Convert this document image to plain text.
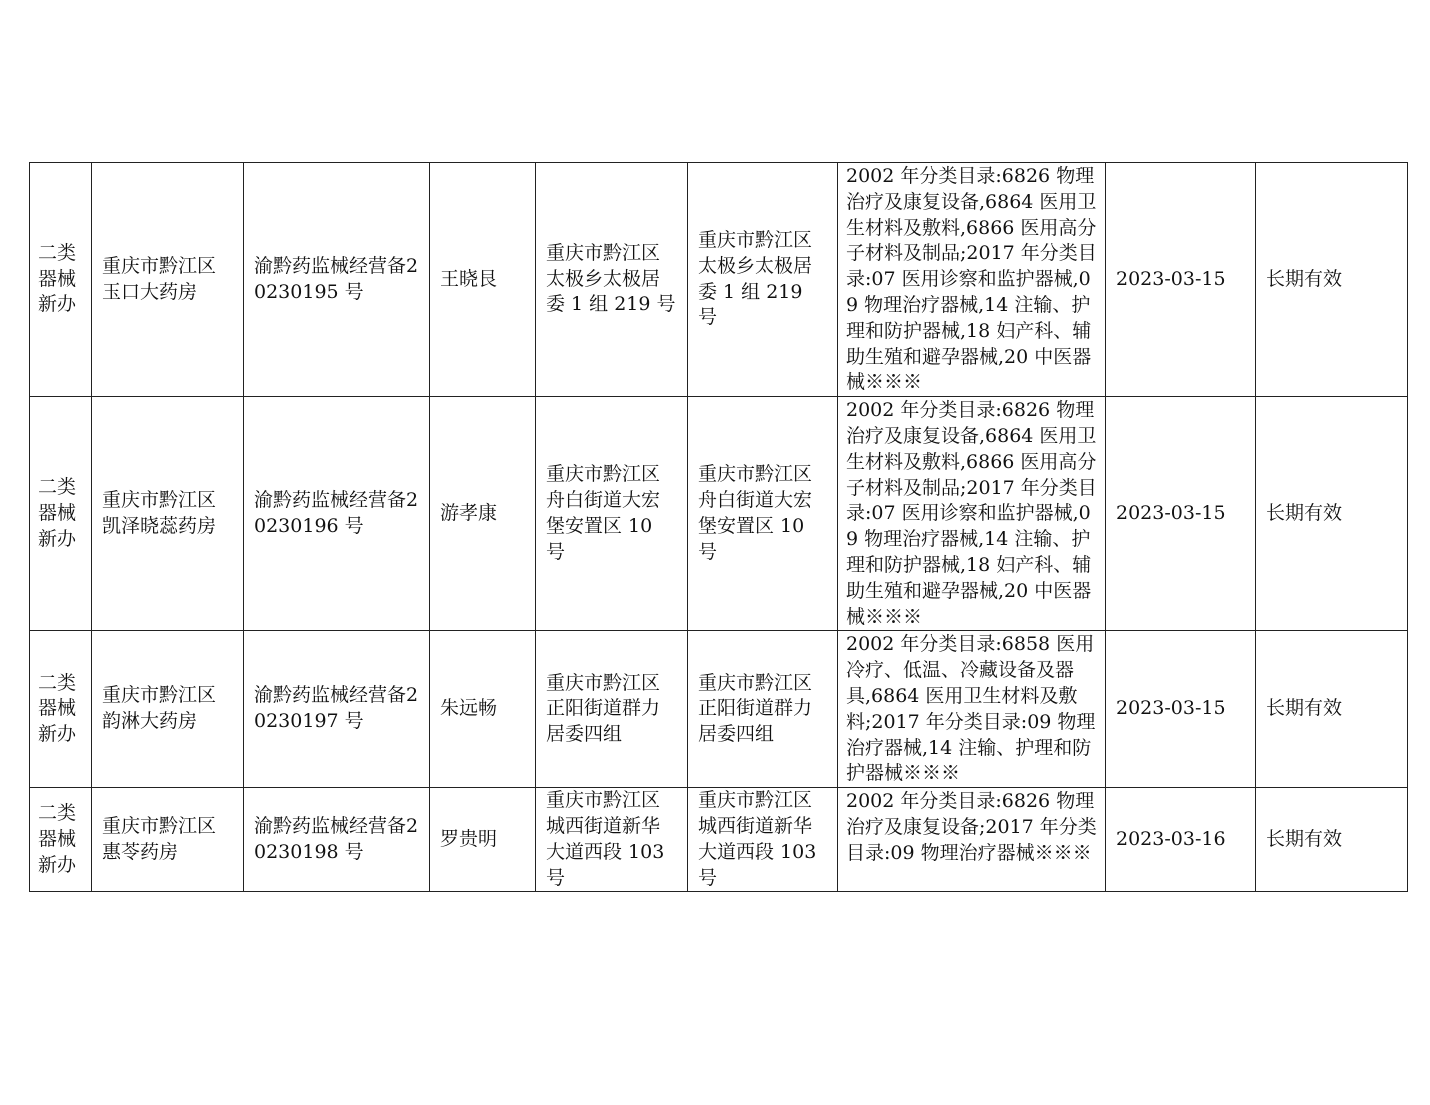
二类器械新办	重庆市黔江区玉口大药房	渝黔药监械经营备20230195 号	王晓艮	重庆市黔江区太极乡太极居委 1 组 219 号	重庆市黔江区太极乡太极居委 1 组 219 号	2002 年分类目录:6826 物理治疗及康复设备,6864 医用卫生材料及敷料,6866 医用高分子材料及制品;2017 年分类目录:07 医用诊察和监护器械,09 物理治疗器械,14 注输、护理和防护器械,18 妇产科、辅助生殖和避孕器械,20 中医器械※※※	2023-03-15	长期有效
二类器械新办	重庆市黔江区凯泽晓蕊药房	渝黔药监械经营备20230196 号	游孝康	重庆市黔江区舟白街道大宏堡安置区 10 号	重庆市黔江区舟白街道大宏堡安置区 10 号	2002 年分类目录:6826 物理治疗及康复设备,6864 医用卫生材料及敷料,6866 医用高分子材料及制品;2017 年分类目录:07 医用诊察和监护器械,09 物理治疗器械,14 注输、护理和防护器械,18 妇产科、辅助生殖和避孕器械,20 中医器械※※※	2023-03-15	长期有效
二类器械新办	重庆市黔江区韵淋大药房	渝黔药监械经营备20230197 号	朱远畅	重庆市黔江区正阳街道群力居委四组	重庆市黔江区正阳街道群力居委四组	2002 年分类目录:6858 医用冷疗、低温、冷藏设备及器具,6864 医用卫生材料及敷料;2017 年分类目录:09 物理治疗器械,14 注输、护理和防护器械※※※	2023-03-15	长期有效
二类器械新办	重庆市黔江区惠苓药房	渝黔药监械经营备20230198 号	罗贵明	重庆市黔江区城西街道新华大道西段 103 号	重庆市黔江区城西街道新华大道西段 103 号	2002 年分类目录:6826 物理治疗及康复设备;2017 年分类目录:09 物理治疗器械※※※	2023-03-16	长期有效
